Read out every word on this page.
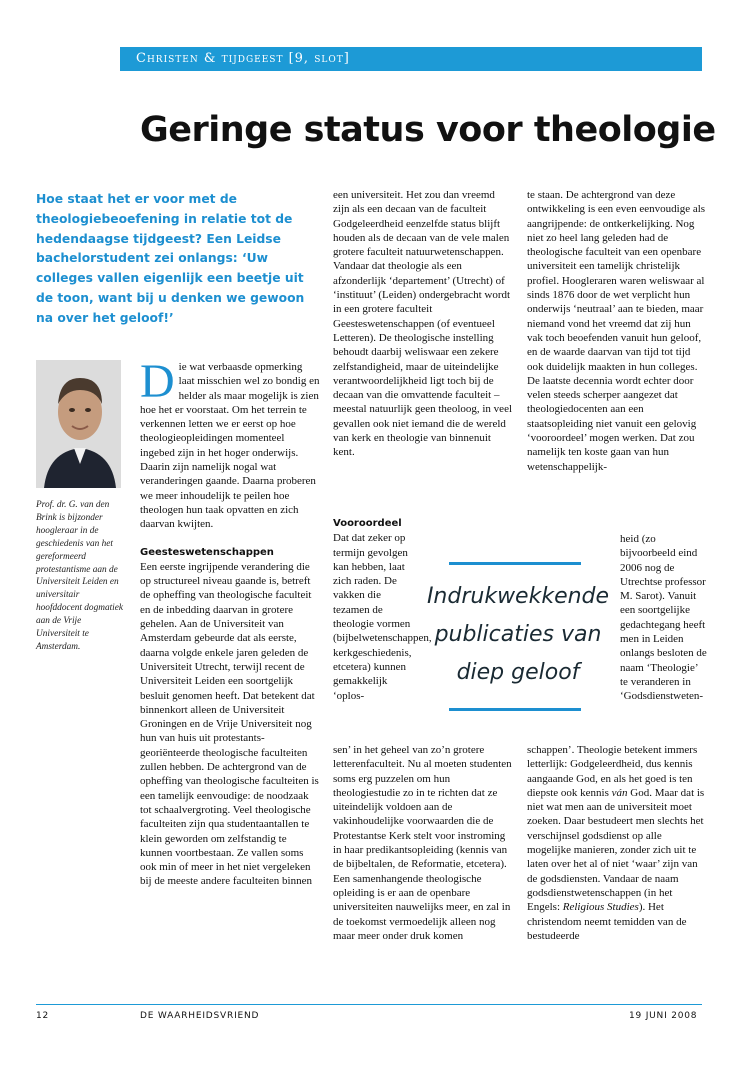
Christen & tijdgeest [9, slot]
Geringe status voor theologie
Hoe staat het er voor met de theologiebeoefening in relatie tot de hedendaagse tijdgeest? Een Leidse bachelorstudent zei onlangs: ‘Uw colleges vallen eigenlijk een beetje uit de toon, want bij u denken we gewoon na over het geloof!’
Prof. dr. G. van den Brink is bijzonder hoogleraar in de geschiedenis van het gereformeerd protestantisme aan de Universiteit Leiden en universitair hoofddocent dogmatiek aan de Vrije Universiteit te Amsterdam.
D ie wat verbaasde opmerking laat misschien wel zo bondig en helder als maar mogelijk is zien hoe het er voorstaat. Om het terrein te verkennen letten we er eerst op hoe theologieopleidingen momenteel ingebed zijn in het hoger onderwijs. Daarin zijn namelijk nogal wat veranderingen gaande. Daarna proberen we meer inhoudelijk te peilen hoe theologen hun taak opvatten en zich daarvan kwijten.

Geesteswetenschappen

Een eerste ingrijpende verandering die op structureel niveau gaande is, betreft de opheffing van theologische faculteit en de inbedding daarvan in grotere gehelen. Aan de Universiteit van Amsterdam gebeurde dat als eerste, daarna volgde enkele jaren geleden de Universiteit Utrecht, terwijl recent de Universiteit Leiden een soortgelijk besluit genomen heeft. Dat betekent dat binnenkort alleen de Universiteit Groningen en de Vrije Universiteit nog hun van huis uit protestants-georiënteerde theologische faculteiten zullen hebben. De achtergrond van de opheffing van theologische faculteiten is een tamelijk eenvoudige: de noodzaak tot schaalvergroting. Veel theologische faculteiten zijn qua studentaantallen te klein geworden om zelfstandig te kunnen voortbestaan. Ze vallen soms ook min of meer in het niet vergeleken bij de meeste andere faculteiten binnen

een universiteit. Het zou dan vreemd zijn als een decaan van de faculteit Godgeleerdheid eenzelfde status blijft houden als de decaan van de vele malen grotere faculteit natuurwetenschappen. Vandaar dat theologie als een afzonderlijk ‘departement’ (Utrecht) of ‘instituut’ (Leiden) ondergebracht wordt in een grotere faculteit Geesteswetenschappen (of eventueel Letteren). De theologische instelling behoudt daarbij weliswaar een zekere zelfstandigheid, maar de uiteindelijke verantwoordelijkheid ligt toch bij de decaan van die omvattende faculteit – meestal natuurlijk geen theoloog, in veel gevallen ook niet iemand die de wereld van kerk en theologie van binnenuit kent.

Vooroordeel

Dat dat zeker op termijn gevolgen kan hebben, laat zich raden. De vakken die tezamen de theologie vormen (bijbelwetenschappen, kerkgeschiedenis, etcetera) kunnen gemakkelijk ‘oplos-

sen’ in het geheel van zo’n grotere letterenfaculteit. Nu al moeten studenten soms erg puzzelen om hun theologiestudie zo in te richten dat ze uiteindelijk voldoen aan de vakinhoudelijke voorwaarden die de Protestantse Kerk stelt voor instroming in haar predikantsopleiding (kennis van de bijbeltalen, de Reformatie, etcetera). Een samenhangende theologische opleiding is er aan de openbare universiteiten nauwelijks meer, en zal in de toekomst vermoedelijk alleen nog maar meer onder druk komen

te staan. De achtergrond van deze ontwikkeling is een even eenvoudige als aangrijpende: de ontkerkelijking. Nog niet zo heel lang geleden had de theologische faculteit van een openbare universiteit een tamelijk christelijk profiel. Hoogleraren waren weliswaar al sinds 1876 door de wet verplicht hun onderwijs ‘neutraal’ aan te bieden, maar niemand vond het vreemd dat zij hun vak toch beoefenden vanuit hun geloof, en de waarde daarvan van tijd tot tijd ook duidelijk maakten in hun colleges. De laatste decennia wordt echter door velen steeds scherper aangezet dat theologiedocenten aan een staatsopleiding niet vanuit een gelovig ‘vooroordeel’ mogen werken. Dat zou namelijk ten koste gaan van hun wetenschappelijk-

heid (zo bijvoorbeeld eind 2006 nog de Utrechtse professor M. Sarot). Vanuit een soortgelijke gedachtegang heeft men in Leiden onlangs besloten de naam ‘Theologie’ te veranderen in ‘Godsdienstweten-

schappen’. Theologie betekent immers letterlijk: Godgeleerdheid, dus kennis aangaande God, en als het goed is ten diepste ook kennis ván God. Maar dat is niet wat men aan de universiteit moet zoeken. Daar bestudeert men slechts het verschijnsel godsdienst op alle mogelijke manieren, zonder zich uit te laten over het al of niet ‘waar’ zijn van de godsdiensten. Vandaar de naam godsdienstwetenschappen (in het Engels: Religious Studies). Het christendom neemt temidden van de bestudeerde

Indrukwekkende publicaties van diep geloof
12	DE WAARHEIDSVRIEND	19 JUNI 2008
